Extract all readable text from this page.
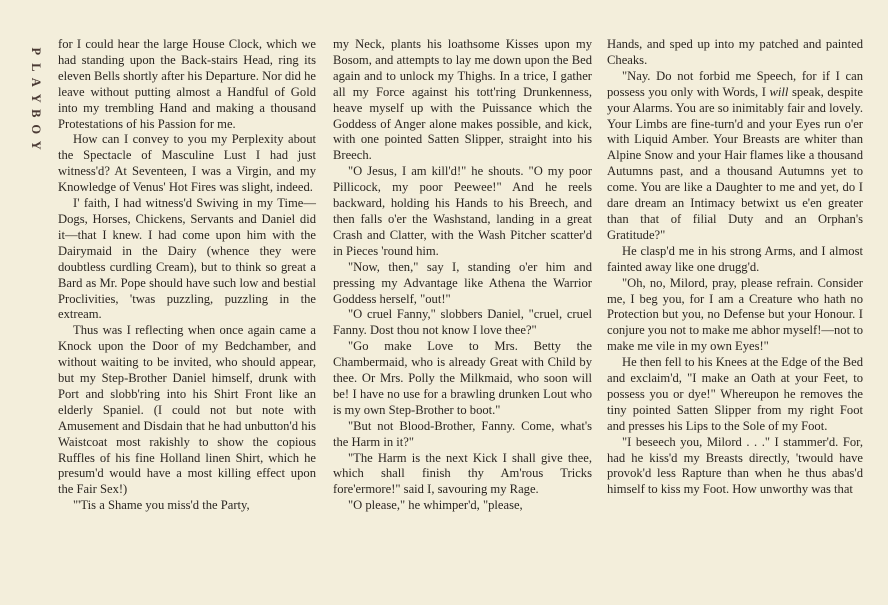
P
L
A
Y
B
O
Y

for I could hear the large House Clock, which we had standing upon the Back-stairs Head, ring its eleven Bells shortly after his Departure. Nor did he leave without putting almost a Handful of Gold into my trembling Hand and making a thousand Protestations of his Passion for me.

How can I convey to you my Perplexity about the Spectacle of Masculine Lust I had just witness'd? At Seventeen, I was a Virgin, and my Knowledge of Venus' Hot Fires was slight, indeed.

I' faith, I had witness'd Swiving in my Time—Dogs, Horses, Chickens, Servants and Daniel did it—that I knew. I had come upon him with the Dairymaid in the Dairy (whence they were doubtless curdling Cream), but to think so great a Bard as Mr. Pope should have such low and bestial Proclivities, 'twas puzzling, puzzling in the extream.

Thus was I reflecting when once again came a Knock upon the Door of my Bedchamber, and without waiting to be invited, who should appear, but my Step-Brother Daniel himself, drunk with Port and slobb'ring into his Shirt Front like an elderly Spaniel. (I could not but note with Amusement and Disdain that he had unbutton'd his Waistcoat most rakishly to show the copious Ruffles of his fine Holland linen Shirt, which he presum'd would have a most killing effect upon the Fair Sex!)

"'Tis a Shame you miss'd the Party,

my Neck, plants his loathsome Kisses upon my Bosom, and attempts to lay me down upon the Bed again and to unlock my Thighs. In a trice, I gather all my Force against his tott'ring Drunkenness, heave myself up with the Puissance which the Goddess of Anger alone makes possible, and kick, with one pointed Satten Slipper, straight into his Breech.

"O Jesus, I am kill'd!" he shouts. "O my poor Pillicock, my poor Peewee!" And he reels backward, holding his Hands to his Breech, and then falls o'er the Washstand, landing in a great Crash and Clatter, with the Wash Pitcher scatter'd in Pieces 'round him.

"Now, then," say I, standing o'er him and pressing my Advantage like Athena the Warrior Goddess herself, "out!"

"O cruel Fanny," slobbers Daniel, "cruel, cruel Fanny. Dost thou not know I love thee?"

"Go make Love to Mrs. Betty the Chambermaid, who is already Great with Child by thee. Or Mrs. Polly the Milkmaid, who soon will be! I have no use for a brawling drunken Lout who is my own Step-Brother to boot."

"But not Blood-Brother, Fanny. Come, what's the Harm in it?"

"The Harm is the next Kick I shall give thee, which shall finish thy Am'rous Tricks fore'ermore!" said I, savouring my Rage.

"O please," he whimper'd, "please,

Hands, and sped up into my patched and painted Cheaks.

"Nay. Do not forbid me Speech, for if I can possess you only with Words, I will speak, despite your Alarms. You are so inimitably fair and lovely. Your Limbs are fine-turn'd and your Eyes run o'er with Liquid Amber. Your Breasts are whiter than Alpine Snow and your Hair flames like a thousand Autumns past, and a thousand Autumns yet to come. You are like a Daughter to me and yet, do I dare dream an Intimacy betwixt us e'en greater than that of filial Duty and an Orphan's Gratitude?"

He clasp'd me in his strong Arms, and I almost fainted away like one drugg'd.

"Oh, no, Milord, pray, please refrain. Consider me, I beg you, for I am a Creature who hath no Protection but you, no Defense but your Honour. I conjure you not to make me abhor myself!—not to make me vile in my own Eyes!"

He then fell to his Knees at the Edge of the Bed and exclaim'd, "I make an Oath at your Feet, to possess you or dye!" Whereupon he removes the tiny pointed Satten Slipper from my right Foot and presses his Lips to the Sole of my Foot.

"I beseech you, Milord . . ." I stammer'd. For, had he kiss'd my Breasts directly, 'twould have provok'd less Rapture than when he thus abas'd himself to kiss my Foot. How unworthy was that
